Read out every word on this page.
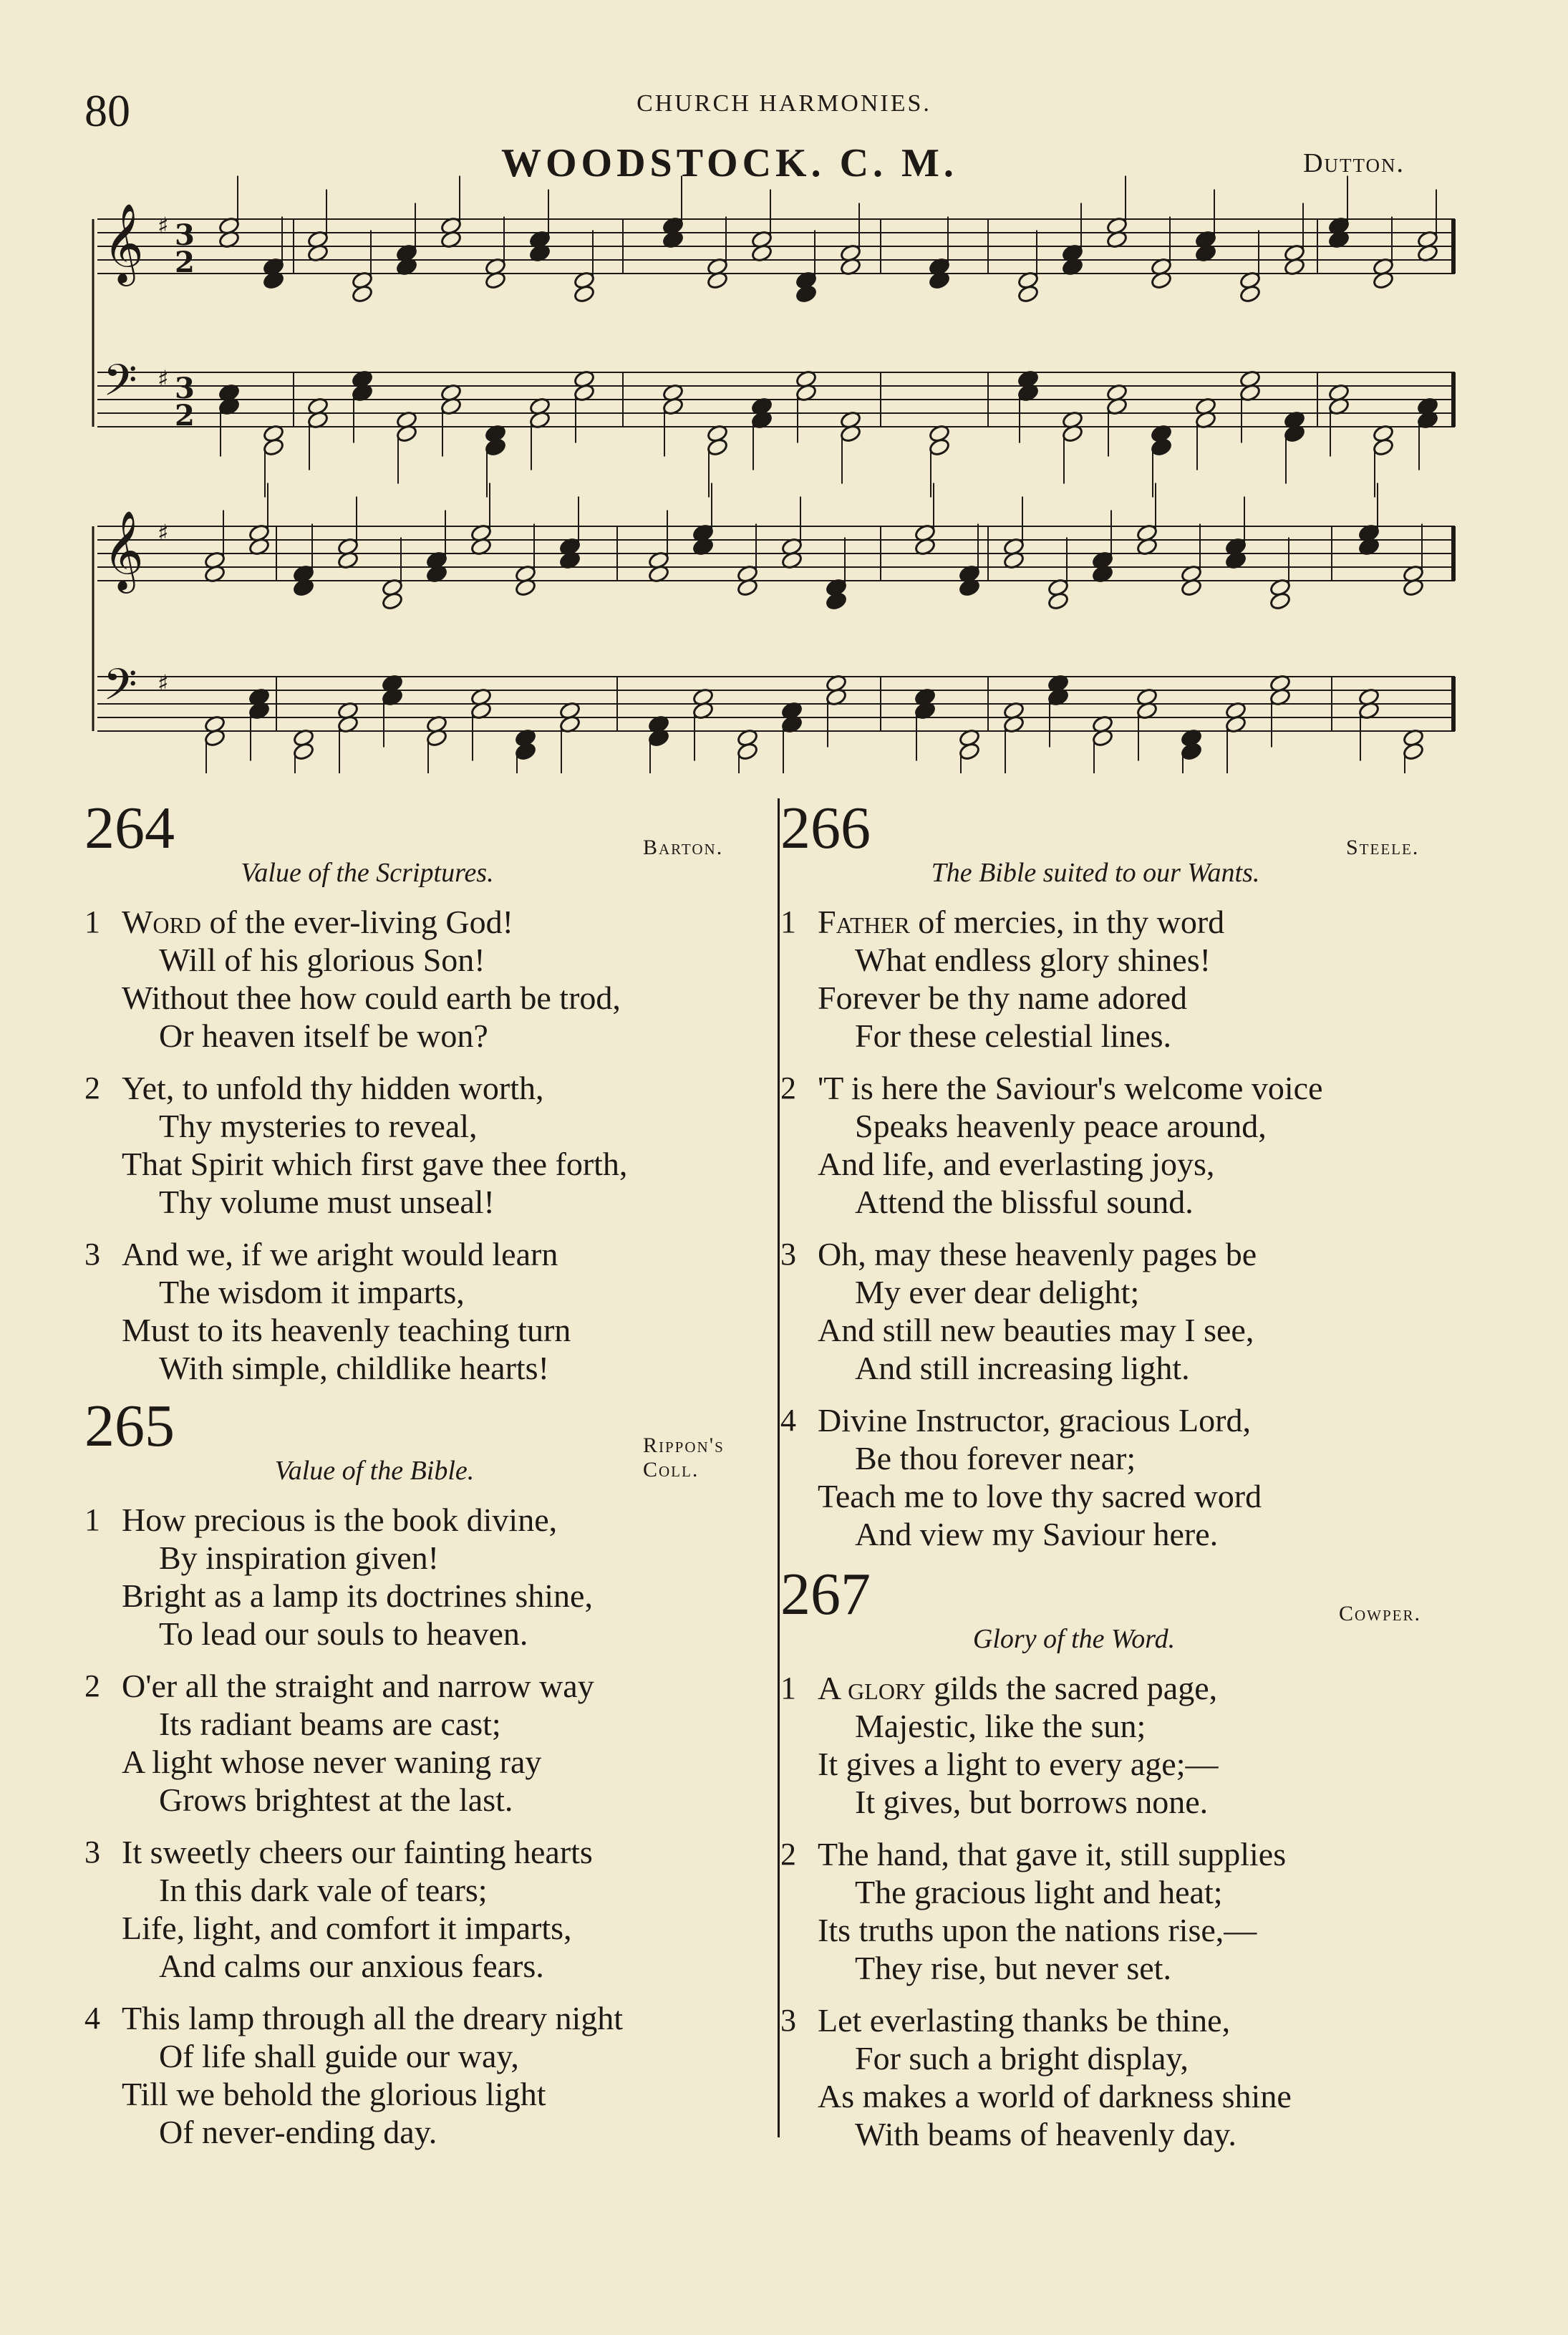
80	CHURCH HARMONIES.
WOODSTOCK. C. M.	Dutton.
𝄞 ♯ 3
2
𝄢 ♯ 3
2
𝄞 ♯
𝄢 ♯
264	Barton.
Value of the Scriptures.
1 Word of the ever-living God!
Will of his glorious Son!
Without thee how could earth be trod,
Or heaven itself be won?
2 Yet, to unfold thy hidden worth,
Thy mysteries to reveal,
That Spirit which first gave thee forth,
Thy volume must unseal!
3 And we, if we aright would learn
The wisdom it imparts,
Must to its heavenly teaching turn
With simple, childlike hearts!
265	Rippon's Coll.
Value of the Bible.
1 How precious is the book divine,
By inspiration given!
Bright as a lamp its doctrines shine,
To lead our souls to heaven.
2 O'er all the straight and narrow way
Its radiant beams are cast;
A light whose never waning ray
Grows brightest at the last.
3 It sweetly cheers our fainting hearts
In this dark vale of tears;
Life, light, and comfort it imparts,
And calms our anxious fears.
4 This lamp through all the dreary night
Of life shall guide our way,
Till we behold the glorious light
Of never-ending day.
266	Steele.
The Bible suited to our Wants.
1 Father of mercies, in thy word
What endless glory shines!
Forever be thy name adored
For these celestial lines.
2 'T is here the Saviour's welcome voice
Speaks heavenly peace around,
And life, and everlasting joys,
Attend the blissful sound.
3 Oh, may these heavenly pages be
My ever dear delight;
And still new beauties may I see,
And still increasing light.
4 Divine Instructor, gracious Lord,
Be thou forever near;
Teach me to love thy sacred word
And view my Saviour here.
267	Cowper.
Glory of the Word.
1 A glory gilds the sacred page,
Majestic, like the sun;
It gives a light to every age;—
It gives, but borrows none.
2 The hand, that gave it, still supplies
The gracious light and heat;
Its truths upon the nations rise,—
They rise, but never set.
3 Let everlasting thanks be thine,
For such a bright display,
As makes a world of darkness shine
With beams of heavenly day.
